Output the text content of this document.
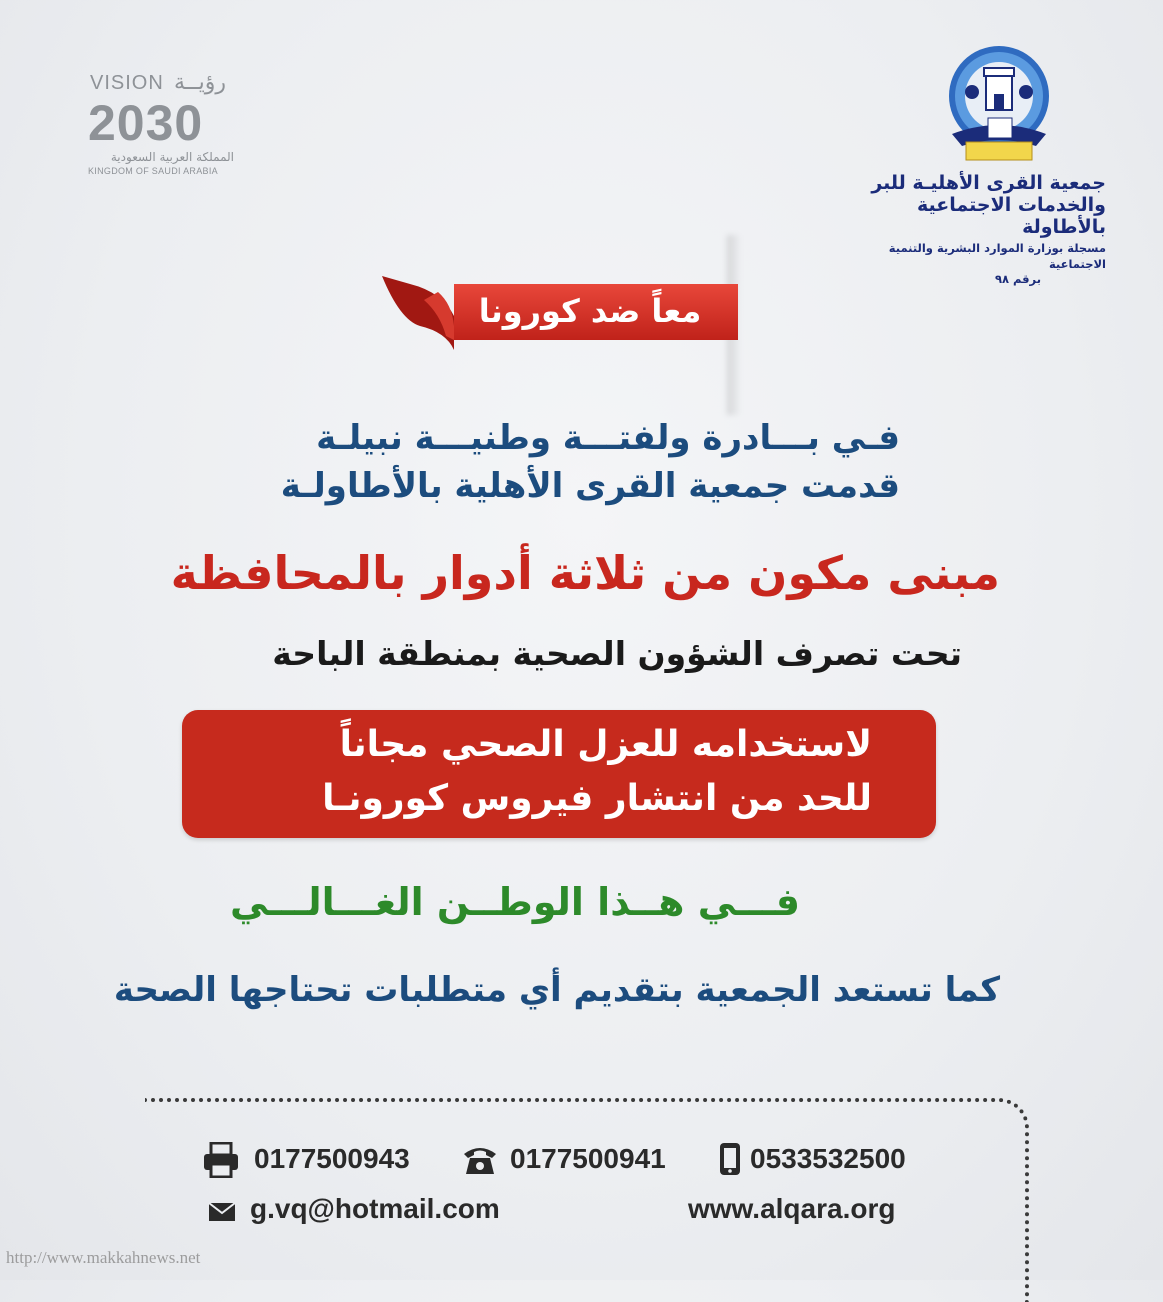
VISION رؤيــة
2030
المملكة العربية السعودية
KINGDOM OF SAUDI ARABIA
جمعية القرى الأهليـة للبر
والخدمات الاجتماعية بالأطاولة
مسجلة بوزارة الموارد البشرية والتنمية الاجتماعية
برقم ٩٨
معاً ضد كورونا
فـي بـــادرة ولفتـــة وطنيـــة نبيلـة
قدمت جمعية القرى الأهلية بالأطاولـة
مبنى مكون من ثلاثة أدوار بالمحافظة
تحت تصرف الشؤون الصحية بمنطقة الباحة
لاستخدامه للعزل الصحي مجاناً
للحد من انتشار فيروس كورونـا
فـــي هــذا الوطــن الغـــالـــي
كما تستعد الجمعية بتقديم أي متطلبات تحتاجها الصحة
0533532500
0177500941
0177500943
g.vq@hotmail.com	www.alqara.org
http://www.makkahnews.net
